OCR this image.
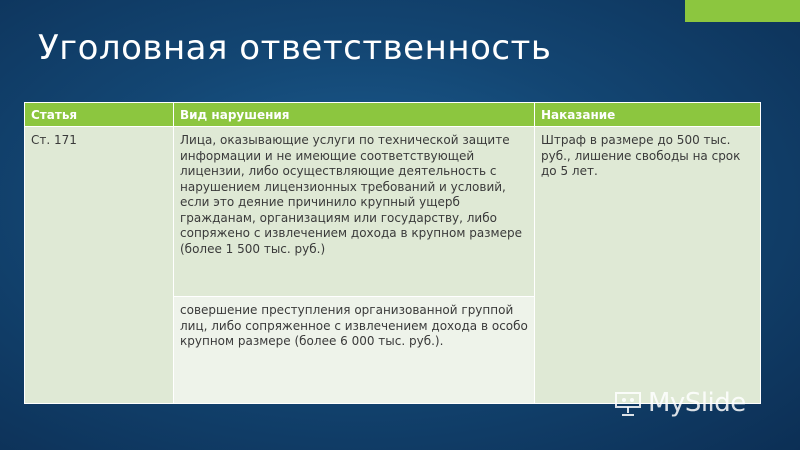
Уголовная ответственность
Статья	Вид нарушения	Наказание
Ст. 171	Лица, оказывающие услуги по технической защите информации и не имеющие соответствующей лицензии, либо осуществляющие деятельность с нарушением лицензионных требований и условий, если это деяние причинило крупный ущерб гражданам, организациям или государству, либо сопряжено с извлечением дохода в крупном размере (более 1 500 тыс. руб.)	Штраф в размере до 500 тыс. руб., лишение свободы на срок до 5 лет.
	совершение преступления организованной группой лиц, либо сопряженное с извлечением дохода в особо крупном размере (более 6 000 тыс. руб.).	
MySlide
